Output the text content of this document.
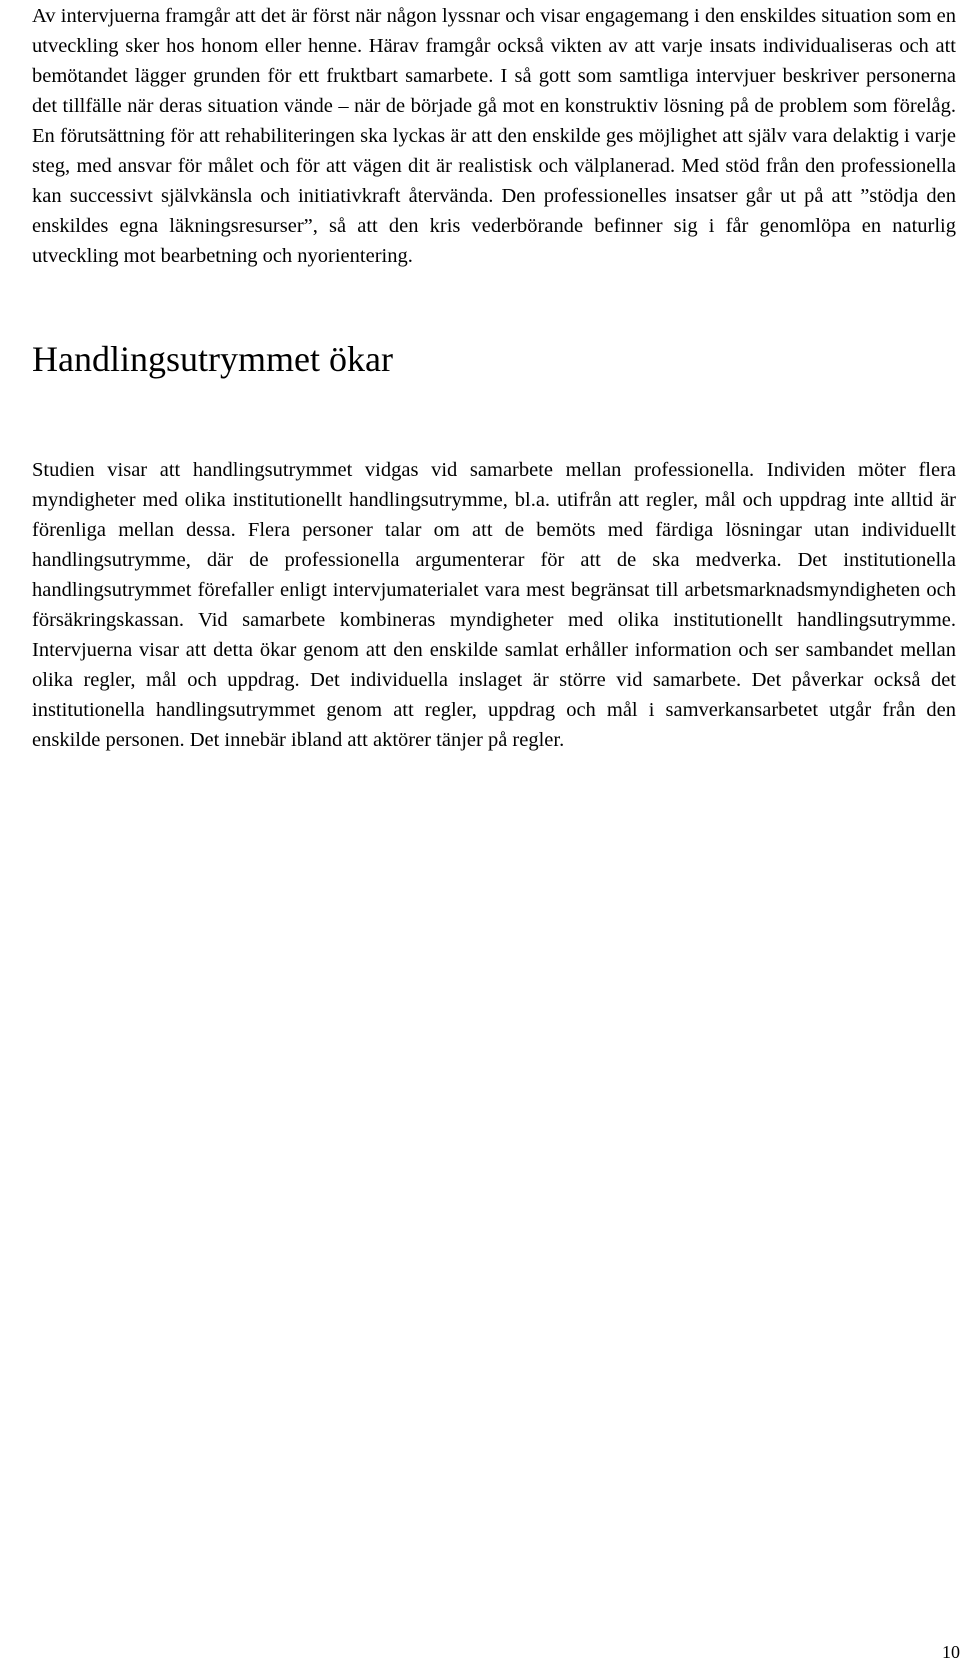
Av intervjuerna framgår att det är först när någon lyssnar och visar engagemang i den enskildes situation som en utveckling sker hos honom eller henne. Härav framgår också vikten av att varje insats individualiseras och att bemötandet lägger grunden för ett fruktbart samarbete. I så gott som samtliga intervjuer beskriver personerna det tillfälle när deras situation vände – när de började gå mot en konstruktiv lösning på de problem som förelåg. En förutsättning för att rehabiliteringen ska lyckas är att den enskilde ges möjlighet att själv vara delaktig i varje steg, med ansvar för målet och för att vägen dit är realistisk och välplanerad. Med stöd från den professionella kan successivt självkänsla och initiativkraft återvända. Den professionelles insatser går ut på att ”stödja den enskildes egna läkningsresurser”, så att den kris vederbörande befinner sig i får genomlöpa en naturlig utveckling mot bearbetning och nyorientering.

Handlingsutrymmet ökar

Studien visar att handlingsutrymmet vidgas vid samarbete mellan professionella. Individen möter flera myndigheter med olika institutionellt handlingsutrymme, bl.a. utifrån att regler, mål och uppdrag inte alltid är förenliga mellan dessa. Flera personer talar om att de bemöts med färdiga lösningar utan individuellt handlingsutrymme, där de professionella argumenterar för att de ska medverka. Det institutionella handlingsutrymmet förefaller enligt intervjumaterialet vara mest begränsat till arbetsmarknadsmyndigheten och försäkringskassan. Vid samarbete kombineras myndigheter med olika institutionellt handlingsutrymme. Intervjuerna visar att detta ökar genom att den enskilde samlat erhåller information och ser sambandet mellan olika regler, mål och uppdrag. Det individuella inslaget är större vid samarbete. Det påverkar också det institutionella handlingsutrymmet genom att regler, uppdrag och mål i samverkansarbetet utgår från den enskilde personen. Det innebär ibland att aktörer tänjer på regler.

10
